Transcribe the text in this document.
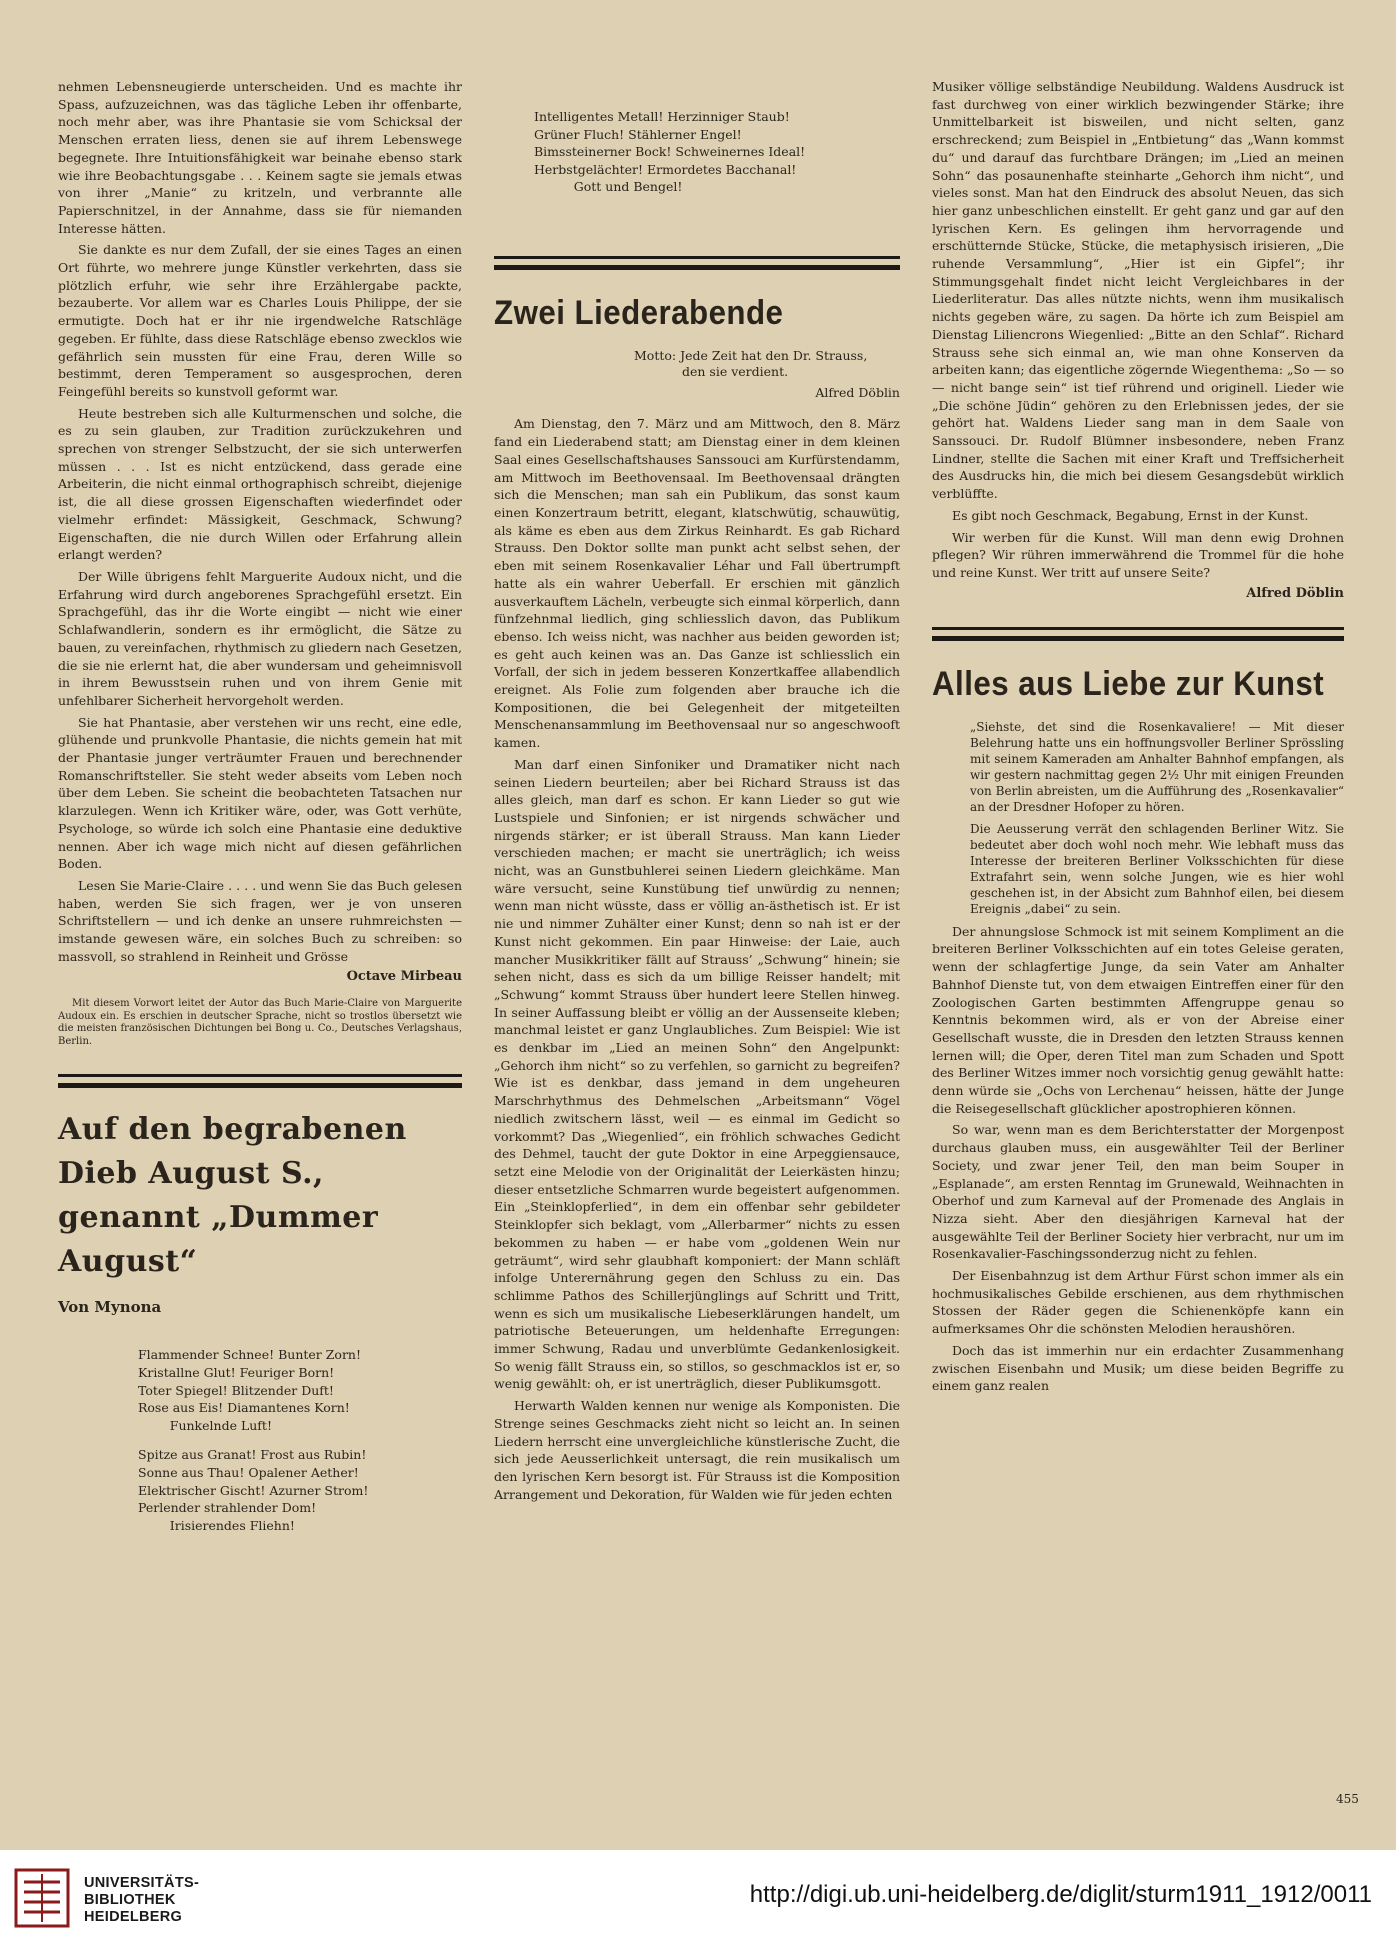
nehmen Lebensneugierde unterscheiden. Und es machte ihr Spass, aufzuzeichnen, was das tägliche Leben ihr offenbarte, noch mehr aber, was ihre Phantasie sie vom Schicksal der Menschen erraten liess, denen sie auf ihrem Lebenswege begegnete. Ihre Intuitionsfähigkeit war beinahe ebenso stark wie ihre Beobachtungsgabe . . . Keinem sagte sie jemals etwas von ihrer „Manie“ zu kritzeln, und verbrannte alle Papierschnitzel, in der Annahme, dass sie für niemanden Interesse hätten.

Sie dankte es nur dem Zufall, der sie eines Tages an einen Ort führte, wo mehrere junge Künstler verkehrten, dass sie plötzlich erfuhr, wie sehr ihre Erzählergabe packte, bezauberte. Vor allem war es Charles Louis Philippe, der sie ermutigte. Doch hat er ihr nie irgendwelche Ratschläge gegeben. Er fühlte, dass diese Ratschläge ebenso zwecklos wie gefährlich sein mussten für eine Frau, deren Wille so bestimmt, deren Temperament so ausgesprochen, deren Feingefühl bereits so kunstvoll geformt war.

Heute bestreben sich alle Kulturmenschen und solche, die es zu sein glauben, zur Tradition zurückzukehren und sprechen von strenger Selbstzucht, der sie sich unterwerfen müssen . . . Ist es nicht entzückend, dass gerade eine Arbeiterin, die nicht einmal orthographisch schreibt, diejenige ist, die all diese grossen Eigenschaften wiederfindet oder vielmehr erfindet: Mässigkeit, Geschmack, Schwung? Eigenschaften, die nie durch Willen oder Erfahrung allein erlangt werden?

Der Wille übrigens fehlt Marguerite Audoux nicht, und die Erfahrung wird durch angeborenes Sprachgefühl ersetzt. Ein Sprachgefühl, das ihr die Worte eingibt — nicht wie einer Schlafwandlerin, sondern es ihr ermöglicht, die Sätze zu bauen, zu vereinfachen, rhythmisch zu gliedern nach Gesetzen, die sie nie erlernt hat, die aber wundersam und geheimnisvoll in ihrem Bewusstsein ruhen und von ihrem Genie mit unfehlbarer Sicherheit hervorgeholt werden.

Sie hat Phantasie, aber verstehen wir uns recht, eine edle, glühende und prunkvolle Phantasie, die nichts gemein hat mit der Phantasie junger verträumter Frauen und berechnender Romanschriftsteller. Sie steht weder abseits vom Leben noch über dem Leben. Sie scheint die beobachteten Tatsachen nur klarzulegen. Wenn ich Kritiker wäre, oder, was Gott verhüte, Psychologe, so würde ich solch eine Phantasie eine deduktive nennen. Aber ich wage mich nicht auf diesen gefährlichen Boden.

Lesen Sie Marie-Claire . . . . und wenn Sie das Buch gelesen haben, werden Sie sich fragen, wer je von unseren Schriftstellern — und ich denke an unsere ruhmreichsten — imstande gewesen wäre, ein solches Buch zu schreiben: so massvoll, so strahlend in Reinheit und Grösse

Octave Mirbeau

Mit diesem Vorwort leitet der Autor das Buch Marie-Claire von Marguerite Audoux ein. Es erschien in deutscher Sprache, nicht so trostlos übersetzt wie die meisten französischen Dichtungen bei Bong u. Co., Deutsches Verlagshaus, Berlin.

Auf den begrabenen Dieb August S., genannt „Dummer August“
Von Mynona
Flammender Schnee! Bunter Zorn!
Kristallne Glut! Feuriger Born!
Toter Spiegel! Blitzender Duft!
Rose aus Eis! Diamantenes Korn!
Funkelnde Luft!
Spitze aus Granat! Frost aus Rubin!
Sonne aus Thau! Opalener Aether!
Elektrischer Gischt! Azurner Strom!
Perlender strahlender Dom!
Irisierendes Fliehn!
Intelligentes Metall! Herzinniger Staub!
Grüner Fluch! Stählerner Engel!
Bimssteinerner Bock! Schweinernes Ideal!
Herbstgelächter! Ermordetes Bacchanal!
Gott und Bengel!
Zwei Liederabende
Motto: Jede Zeit hat den Dr. Strauss,
den sie verdient.
Alfred Döblin

Am Dienstag, den 7. März und am Mittwoch, den 8. März fand ein Liederabend statt; am Dienstag einer in dem kleinen Saal eines Gesellschaftshauses Sanssouci am Kurfürstendamm, am Mittwoch im Beethovensaal. Im Beethovensaal drängten sich die Menschen; man sah ein Publikum, das sonst kaum einen Konzertraum betritt, elegant, klatschwütig, schauwütig, als käme es eben aus dem Zirkus Reinhardt. Es gab Richard Strauss. Den Doktor sollte man punkt acht selbst sehen, der eben mit seinem Rosenkavalier Léhar und Fall übertrumpft hatte als ein wahrer Ueberfall. Er erschien mit gänzlich ausverkauftem Lächeln, verbeugte sich einmal körperlich, dann fünfzehnmal liedlich, ging schliesslich davon, das Publikum ebenso. Ich weiss nicht, was nachher aus beiden geworden ist; es geht auch keinen was an. Das Ganze ist schliesslich ein Vorfall, der sich in jedem besseren Konzertkaffee allabendlich ereignet. Als Folie zum folgenden aber brauche ich die Kompositionen, die bei Gelegenheit der mitgeteilten Menschenansammlung im Beethovensaal nur so angeschwooft kamen.

Man darf einen Sinfoniker und Dramatiker nicht nach seinen Liedern beurteilen; aber bei Richard Strauss ist das alles gleich, man darf es schon. Er kann Lieder so gut wie Lustspiele und Sinfonien; er ist nirgends schwächer und nirgends stärker; er ist überall Strauss. Man kann Lieder verschieden machen; er macht sie unerträglich; ich weiss nicht, was an Gunstbuhlerei seinen Liedern gleichkäme. Man wäre versucht, seine Kunstübung tief unwürdig zu nennen; wenn man nicht wüsste, dass er völlig an-ästhetisch ist. Er ist nie und nimmer Zuhälter einer Kunst; denn so nah ist er der Kunst nicht gekommen. Ein paar Hinweise: der Laie, auch mancher Musikkritiker fällt auf Strauss’ „Schwung“ hinein; sie sehen nicht, dass es sich da um billige Reisser handelt; mit „Schwung“ kommt Strauss über hundert leere Stellen hinweg. In seiner Auffassung bleibt er völlig an der Aussenseite kleben; manchmal leistet er ganz Unglaubliches. Zum Beispiel: Wie ist es denkbar im „Lied an meinen Sohn“ den Angelpunkt: „Gehorch ihm nicht“ so zu verfehlen, so garnicht zu begreifen? Wie ist es denkbar, dass jemand in dem ungeheuren Marschrhythmus des Dehmelschen „Arbeitsmann“ Vögel niedlich zwitschern lässt, weil — es einmal im Gedicht so vorkommt? Das „Wiegenlied“, ein fröhlich schwaches Gedicht des Dehmel, taucht der gute Doktor in eine Arpeggiensauce, setzt eine Melodie von der Originalität der Leierkästen hinzu; dieser entsetzliche Schmarren wurde begeistert aufgenommen. Ein „Steinklopferlied“, in dem ein offenbar sehr gebildeter Steinklopfer sich beklagt, vom „Allerbarmer“ nichts zu essen bekommen zu haben — er habe vom „goldenen Wein nur geträumt“, wird sehr glaubhaft komponiert: der Mann schläft infolge Unterernährung gegen den Schluss zu ein. Das schlimme Pathos des Schillerjünglings auf Schritt und Tritt, wenn es sich um musikalische Liebeserklärungen handelt, um patriotische Beteuerungen, um heldenhafte Erregungen: immer Schwung, Radau und unverblümte Gedankenlosigkeit. So wenig fällt Strauss ein, so stillos, so geschmacklos ist er, so wenig gewählt: oh, er ist unerträglich, dieser Publikumsgott.

Herwarth Walden kennen nur wenige als Komponisten. Die Strenge seines Geschmacks zieht nicht so leicht an. In seinen Liedern herrscht eine unvergleichliche künstlerische Zucht, die sich jede Aeusserlichkeit untersagt, die rein musikalisch um den lyrischen Kern besorgt ist. Für Strauss ist die Komposition Arrangement und Dekoration, für Walden wie für jeden echten

Musiker völlige selbständige Neubildung. Waldens Ausdruck ist fast durchweg von einer wirklich bezwingender Stärke; ihre Unmittelbarkeit ist bisweilen, und nicht selten, ganz erschreckend; zum Beispiel in „Entbietung“ das „Wann kommst du“ und darauf das furchtbare Drängen; im „Lied an meinen Sohn“ das posaunenhafte steinharte „Gehorch ihm nicht“, und vieles sonst. Man hat den Eindruck des absolut Neuen, das sich hier ganz unbeschlichen einstellt. Er geht ganz und gar auf den lyrischen Kern. Es gelingen ihm hervorragende und erschütternde Stücke, Stücke, die metaphysisch irisieren, „Die ruhende Versammlung“, „Hier ist ein Gipfel“; ihr Stimmungsgehalt findet nicht leicht Vergleichbares in der Liederliteratur. Das alles nützte nichts, wenn ihm musikalisch nichts gegeben wäre, zu sagen. Da hörte ich zum Beispiel am Dienstag Liliencrons Wiegenlied: „Bitte an den Schlaf“. Richard Strauss sehe sich einmal an, wie man ohne Konserven da arbeiten kann; das eigentliche zögernde Wiegenthema: „So — so — nicht bange sein“ ist tief rührend und originell. Lieder wie „Die schöne Jüdin“ gehören zu den Erlebnissen jedes, der sie gehört hat. Waldens Lieder sang man in dem Saale von Sanssouci. Dr. Rudolf Blümner insbesondere, neben Franz Lindner, stellte die Sachen mit einer Kraft und Treffsicherheit des Ausdrucks hin, die mich bei diesem Gesangsdebüt wirklich verblüffte.

Es gibt noch Geschmack, Begabung, Ernst in der Kunst.

Wir werben für die Kunst. Will man denn ewig Drohnen pflegen? Wir rühren immerwährend die Trommel für die hohe und reine Kunst. Wer tritt auf unsere Seite?

Alfred Döblin
Alles aus Liebe zur Kunst

„Siehste, det sind die Rosenkavaliere! — Mit dieser Belehrung hatte uns ein hoffnungsvoller Berliner Sprössling mit seinem Kameraden am Anhalter Bahnhof empfangen, als wir gestern nachmittag gegen 2½ Uhr mit einigen Freunden von Berlin abreisten, um die Aufführung des „Rosenkavalier“ an der Dresdner Hofoper zu hören.

Die Aeusserung verrät den schlagenden Berliner Witz. Sie bedeutet aber doch wohl noch mehr. Wie lebhaft muss das Interesse der breiteren Berliner Volksschichten für diese Extrafahrt sein, wenn solche Jungen, wie es hier wohl geschehen ist, in der Absicht zum Bahnhof eilen, bei diesem Ereignis „dabei“ zu sein.

Der ahnungslose Schmock ist mit seinem Kompliment an die breiteren Berliner Volksschichten auf ein totes Geleise geraten, wenn der schlagfertige Junge, da sein Vater am Anhalter Bahnhof Dienste tut, von dem etwaigen Eintreffen einer für den Zoologischen Garten bestimmten Affengruppe genau so Kenntnis bekommen wird, als er von der Abreise einer Gesellschaft wusste, die in Dresden den letzten Strauss kennen lernen will; die Oper, deren Titel man zum Schaden und Spott des Berliner Witzes immer noch vorsichtig genug gewählt hatte: denn würde sie „Ochs von Lerchenau“ heissen, hätte der Junge die Reisegesellschaft glücklicher apostrophieren können.

So war, wenn man es dem Berichterstatter der Morgenpost durchaus glauben muss, ein ausgewählter Teil der Berliner Society, und zwar jener Teil, den man beim Souper in „Esplanade“, am ersten Renntag im Grunewald, Weihnachten in Oberhof und zum Karneval auf der Promenade des Anglais in Nizza sieht. Aber den diesjährigen Karneval hat der ausgewählte Teil der Berliner Society hier verbracht, nur um im Rosenkavalier-Faschingssonderzug nicht zu fehlen.

Der Eisenbahnzug ist dem Arthur Fürst schon immer als ein hochmusikalisches Gebilde erschienen, aus dem rhythmischen Stossen der Räder gegen die Schienenköpfe kann ein aufmerksames Ohr die schönsten Melodien heraushören.

Doch das ist immerhin nur ein erdachter Zusammenhang zwischen Eisenbahn und Musik; um diese beiden Begriffe zu einem ganz realen

455
UNIVERSITÄTS-
BIBLIOTHEK
HEIDELBERG
http://digi.ub.uni-heidelberg.de/diglit/sturm1911_1912/0011
